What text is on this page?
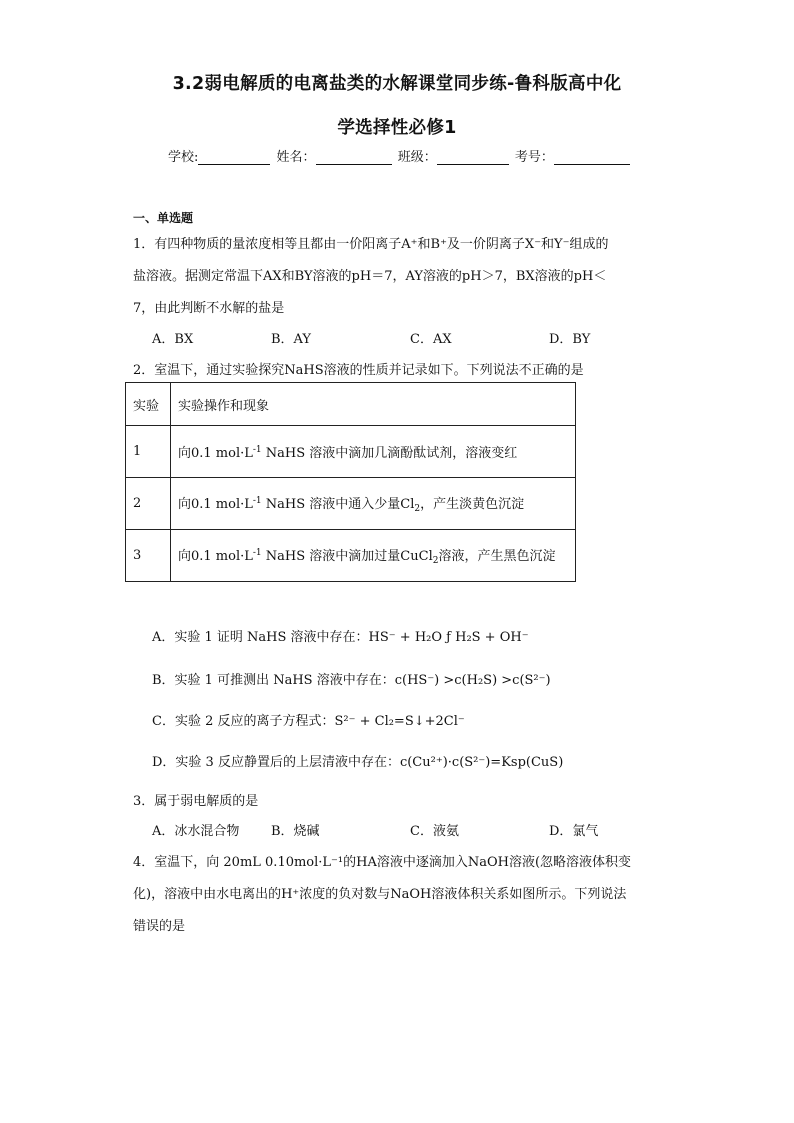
3.2弱电解质的电离盐类的水解课堂同步练-鲁科版高中化
学选择性必修1
学校:	姓名：	班级：	考号：
一、单选题
1．有四种物质的量浓度相等且都由一价阳离子A⁺和B⁺及一价阴离子X⁻和Y⁻组成的
盐溶液。据测定常温下AX和BY溶液的pH＝7，AY溶液的pH＞7，BX溶液的pH＜
7，由此判断不水解的盐是
A．BX	B．AY	C．AX	D．BY
2．室温下，通过实验探究NaHS溶液的性质并记录如下。下列说法不正确的是
实验	实验操作和现象
1	向0.1 $mol\cdot L^{-1}$ NaHS 溶液中滴加几滴酚酞试剂，溶液变红
2	向0.1 $mol\cdot L^{-1}$ NaHS 溶液中通入少量$Cl_2$，产生淡黄色沉淀
3	向0.1 $mol\cdot L^{-1}$ NaHS 溶液中滴加过量CuCl$_2$溶液，产生黑色沉淀
A．实验 1 证明 NaHS 溶液中存在：HS⁻ + H₂O ƒ H₂S + OH⁻
B．实验 1 可推测出 NaHS 溶液中存在：c(HS⁻) >c(H₂S) >c(S²⁻)
C．实验 2 反应的离子方程式：S²⁻ + Cl₂=S↓+2Cl⁻
D．实验 3 反应静置后的上层清液中存在：c(Cu²⁺)·c(S²⁻)=Ksp(CuS)
3．属于弱电解质的是
A．冰水混合物 B．烧碱	C．液氨	D．氯气
4．室温下，向 20mL 0.10mol·L⁻¹的HA溶液中逐滴加入NaOH溶液(忽略溶液体积变
化)，溶液中由水电离出的H⁺浓度的负对数与NaOH溶液体积关系如图所示。下列说法
错误的是
